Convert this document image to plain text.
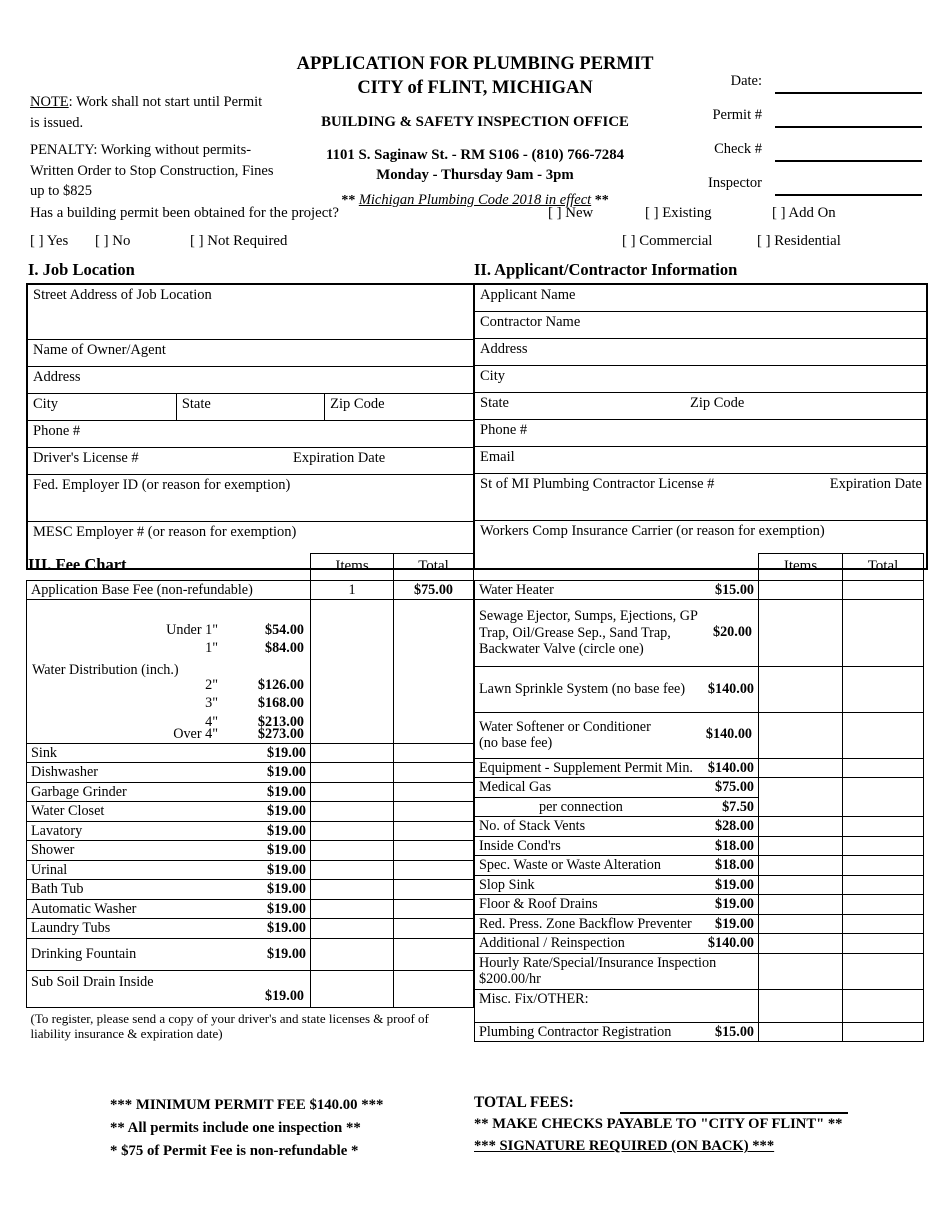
NOTE: Work shall not start until Permit is issued.

PENALTY: Working without permits-Written Order to Stop Construction, Fines up to $825

APPLICATION FOR PLUMBING PERMIT
CITY of FLINT, MICHIGAN
BUILDING & SAFETY INSPECTION OFFICE
1101 S. Saginaw St. - RM S106 - (810) 766-7284
Monday - Thursday 9am - 3pm
** Michigan Plumbing Code 2018 in effect **
Date:
Permit #
Check #
Inspector
Has a building permit been obtained for the project?
[ ] Yes [ ] No	[ ] Not Required
[ ] New	[ ] Existing	[ ] Add On
[ ] Commercial	[ ] Residential
I. Job Location	II. Applicant/Contractor Information
III. Fee Chart
Street Address of Job Location
Name of Owner/Agent
Address
City	State	Zip Code
Phone #
Driver's License #	Expiration Date

Fed. Employer ID (or reason for exemption)
MESC Employer # (or reason for exemption)
Applicant Name
Contractor Name
Address
City
State	Zip Code

Phone #
Email
St of MI Plumbing Contractor License #	Expiration Date

Workers Comp Insurance Carrier (or reason for exemption)
	Items	Total
Application Base Fee (non-refundable)	1	$75.00

Water Distribution (inch.)
Under 1"	$54.00
1"	$84.00
2"	$126.00
3"	$168.00
4"	$213.00
Over 4"	$273.00

Sink $19.00		

Dishwasher $19.00		

Garbage Grinder $19.00		

Water Closet $19.00		

Lavatory $19.00		

Shower $19.00		

Urinal $19.00		

Bath Tub $19.00		

Automatic Washer $19.00		

Laundry Tubs $19.00		

Drinking Fountain $19.00		

Sub Soil Drain Inside
$19.00		

(To register, please send a copy of your driver's and state licenses & proof of liability insurance & expiration date)		
	Items	Total
Water Heater $15.00		

Sewage Ejector, Sumps, Ejections, GP
Trap, Oil/Grease Sep., Sand Trap,
Backwater Valve (circle one)
$20.00		

Lawn Sprinkle System (no base fee) $140.00		

Water Softener or Conditioner
(no base fee)
$140.00		

Equipment - Supplement Permit Min. $140.00		

Medical Gas $75.00		

per connection $7.50		

No. of Stack Vents $28.00		

Inside Cond'rs $18.00		

Spec. Waste or Waste Alteration $18.00		

Slop Sink $19.00		

Floor & Roof Drains $19.00		

Red. Press. Zone Backflow Preventer $19.00		

Additional / Reinspection $140.00		

Hourly Rate/Special/Insurance Inspection
$200.00/hr		

Misc. Fix/OTHER:		
Plumbing Contractor Registration $15.00		

*** MINIMUM PERMIT FEE $140.00 ***
** All permits include one inspection **
* $75 of Permit Fee is non-refundable *
TOTAL FEES:
** MAKE CHECKS PAYABLE TO "CITY OF FLINT" **
*** SIGNATURE REQUIRED (ON BACK) ***
